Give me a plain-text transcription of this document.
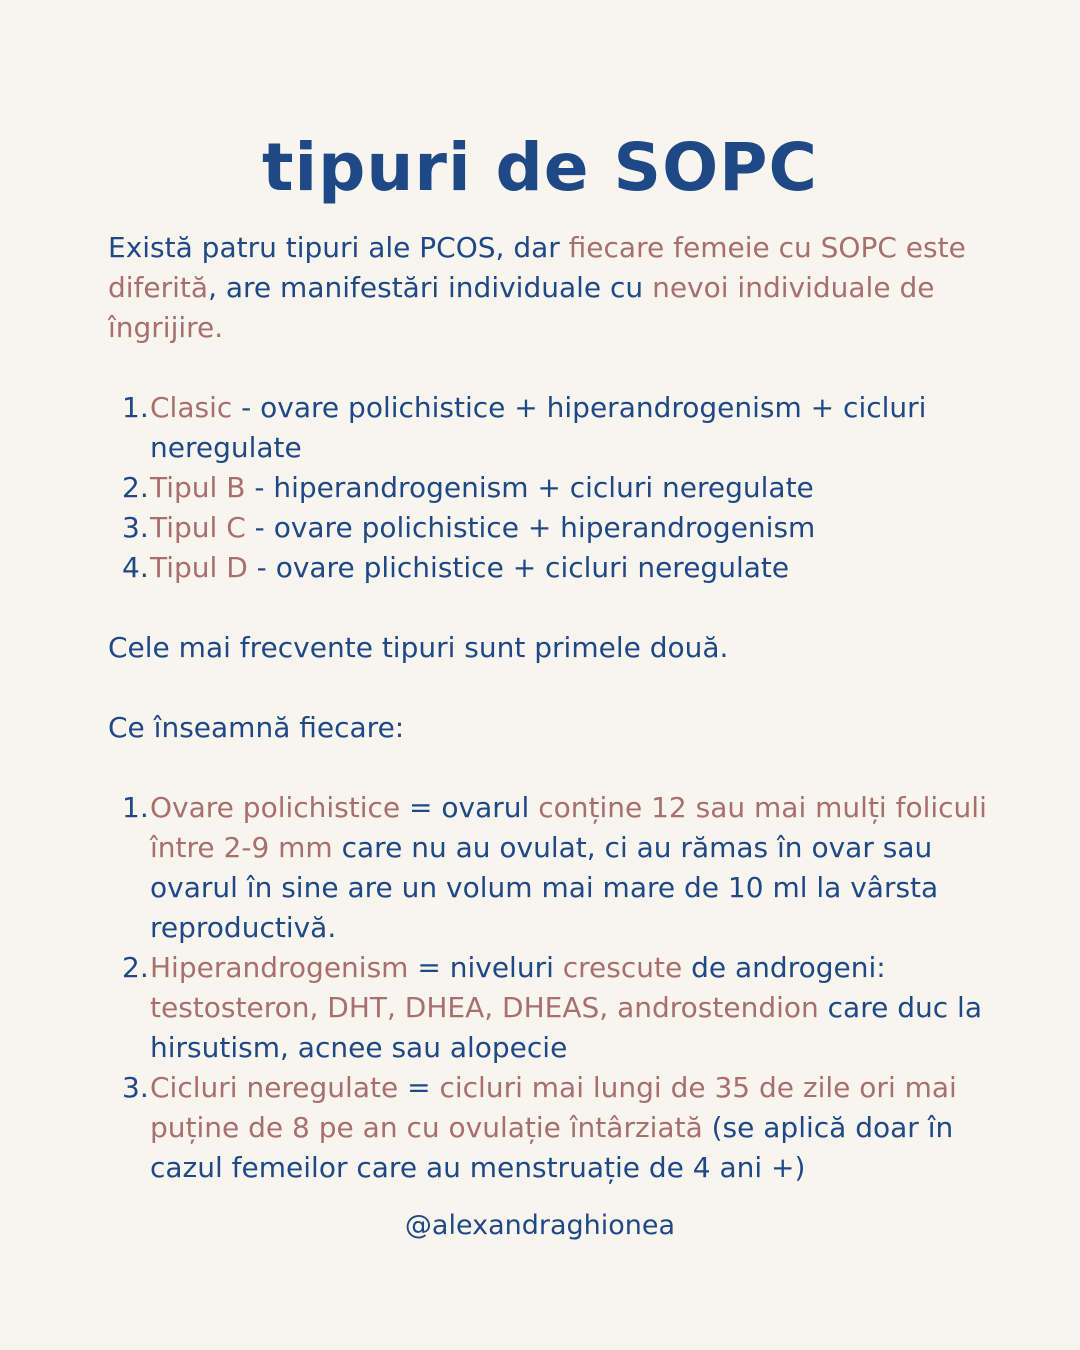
tipuri de SOPC

Există patru tipuri ale PCOS, dar fiecare femeie cu SOPC este diferită, are manifestări individuale cu nevoi individuale de îngrijire.

1. Clasic - ovare polichistice + hiperandrogenism + cicluri neregulate
2. Tipul B - hiperandrogenism + cicluri neregulate
3. Tipul C - ovare polichistice + hiperandrogenism
4. Tipul D - ovare plichistice + cicluri neregulate

Cele mai frecvente tipuri sunt primele două.

Ce înseamnă fiecare:

1. Ovare polichistice = ovarul conține 12 sau mai mulți foliculi între 2-9 mm care nu au ovulat, ci au rămas în ovar sau ovarul în sine are un volum mai mare de 10 ml la vârsta reproductivă.
2. Hiperandrogenism = niveluri crescute de androgeni: testosteron, DHT, DHEA, DHEAS, androstendion care duc la hirsutism, acnee sau alopecie
3. Cicluri neregulate = cicluri mai lungi de 35 de zile ori mai puține de 8 pe an cu ovulație întârziată (se aplică doar în cazul femeilor care au menstruație de 4 ani +)

@alexandraghionea
